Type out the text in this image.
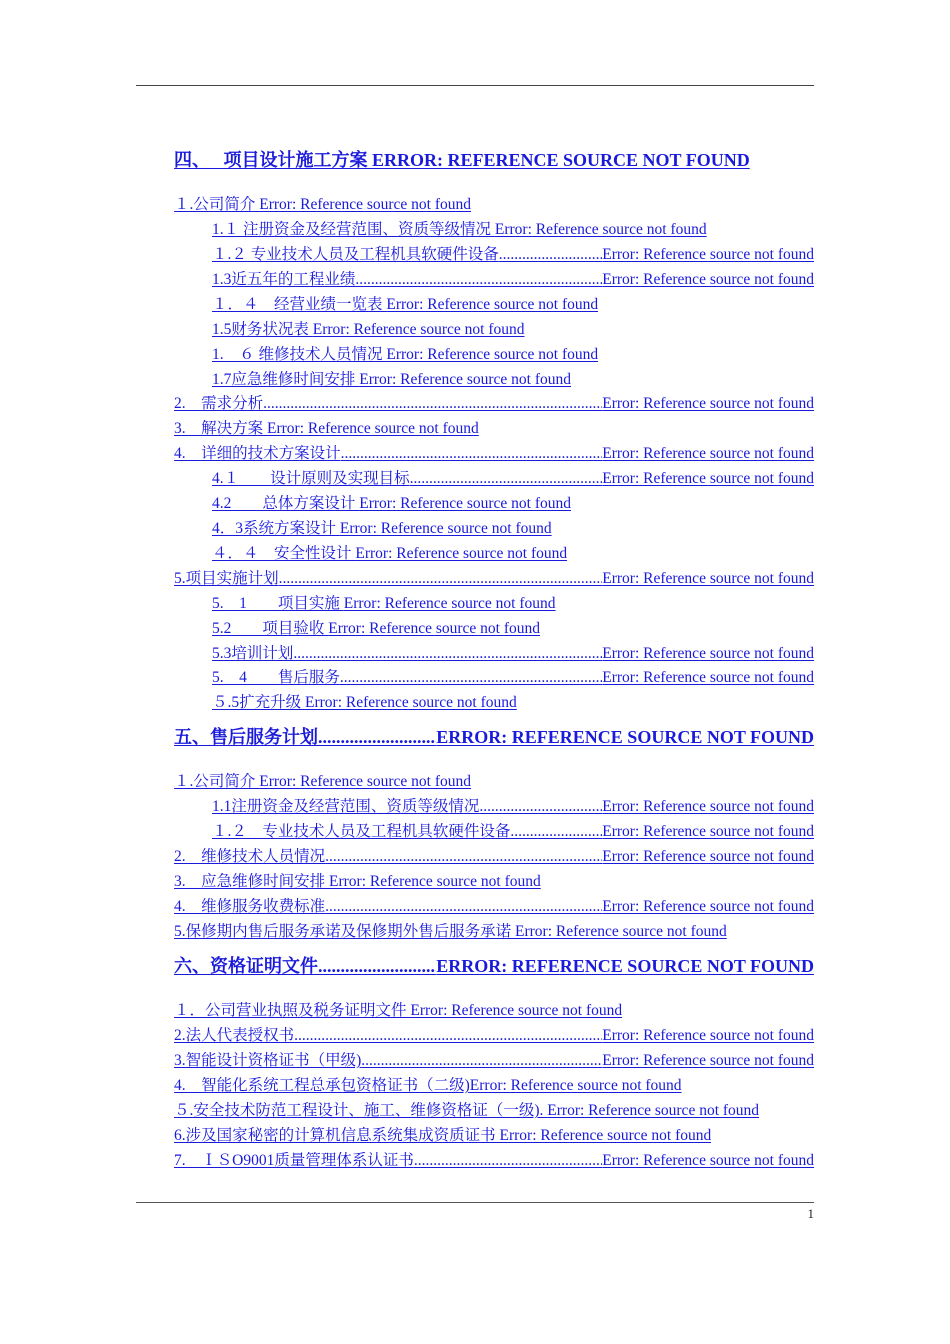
四、　 项目设计施工方案 ERROR: REFERENCE SOURCE NOT FOUND
１.公司简介 Error: Reference source not found
1.１ 注册资金及经营范围、资质等级情况 Error: Reference source not found
１.２ 专业技术人员及工程机具软硬件设备 .....	Error: Reference source not found
1.3近五年的工程业绩 .....	Error: Reference source not found
１．４　经营业绩一览表 Error: Reference source not found
1.5财务状况表 Error: Reference source not found
1.　６ 维修技术人员情况 Error: Reference source not found
1.7应急维修时间安排 Error: Reference source not found
2.　需求分析 .....	Error: Reference source not found
3.　解决方案 Error: Reference source not found
4.　详细的技术方案设计 .....	Error: Reference source not found
4.１　　设计原则及实现目标 .....	Error: Reference source not found
4.2　　总体方案设计 Error: Reference source not found
4．3系统方案设计 Error: Reference source not found
４．４　安全性设计 Error: Reference source not found
5.项目实施计划 .....	Error: Reference source not found
5.　1　　项目实施 Error: Reference source not found
5.2　　项目验收 Error: Reference source not found
5.3培训计划 .....	Error: Reference source not found
5.　4　　售后服务 .....	Error: Reference source not found
５.5扩充升级 Error: Reference source not found
五、售后服务计划 .....	ERROR: REFERENCE SOURCE NOT FOUND
１.公司简介 Error: Reference source not found
1.1注册资金及经营范围、资质等级情况 .....	Error: Reference source not found
１.２　专业技术人员及工程机具软硬件设备 .....	Error: Reference source not found
2.　维修技术人员情况 .....	Error: Reference source not found
3.　应急维修时间安排 Error: Reference source not found
4.　维修服务收费标准 .....	Error: Reference source not found
5.保修期内售后服务承诺及保修期外售后服务承诺 Error: Reference source not found
六、资格证明文件 .....	ERROR: REFERENCE SOURCE NOT FOUND
１．公司营业执照及税务证明文件 Error: Reference source not found
2.法人代表授权书 .....	Error: Reference source not found
3.智能设计资格证书（甲级) .....	Error: Reference source not found
4.　智能化系统工程总承包资格证书（二级)Error: Reference source not found
５.安全技术防范工程设计、施工、维修资格证（一级). Error: Reference source not found
6.涉及国家秘密的计算机信息系统集成资质证书 Error: Reference source not found
7.　ＩＳO9001质量管理体系认证书 .....	Error: Reference source not found
1
